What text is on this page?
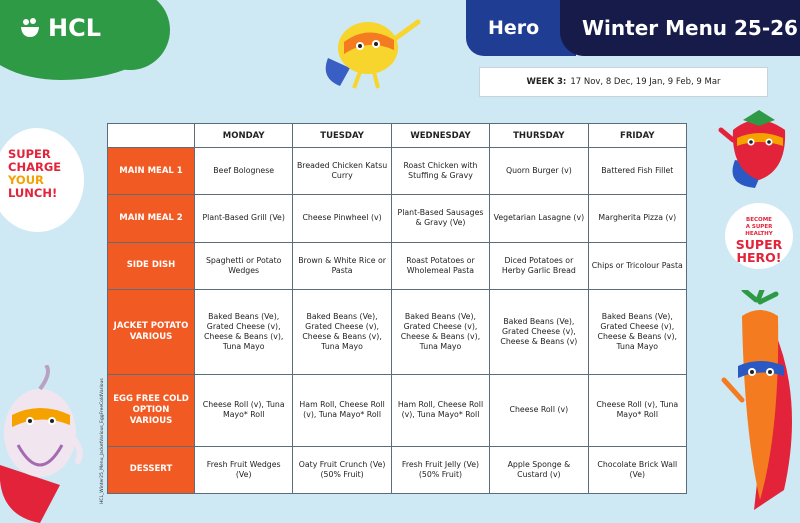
HCL	Hero	Winter Menu 25-26
WEEK 3: 17 Nov, 8 Dec, 19 Jan, 9 Feb, 9 Mar
SUPER
CHARGE
YOUR
LUNCH!
BECOME
A SUPER
HEALTHY
SUPER
HERO!
	MONDAY	TUESDAY	WEDNESDAY	THURSDAY	FRIDAY
MAIN MEAL 1	Beef Bolognese	Breaded Chicken Katsu Curry	Roast Chicken with Stuffing & Gravy	Quorn Burger (v)	Battered Fish Fillet
MAIN MEAL 2	Plant-Based Grill (Ve)	Cheese Pinwheel (v)	Plant-Based Sausages & Gravy (Ve)	Vegetarian Lasagne (v)	Margherita Pizza (v)
SIDE DISH	Spaghetti or Potato Wedges	Brown & White Rice or Pasta	Roast Potatoes or Wholemeal Pasta	Diced Potatoes or Herby Garlic Bread	Chips or Tricolour Pasta
JACKET POTATO VARIOUS	Baked Beans (Ve), Grated Cheese (v), Cheese & Beans (v), Tuna Mayo	Baked Beans (Ve), Grated Cheese (v), Cheese & Beans (v), Tuna Mayo	Baked Beans (Ve), Grated Cheese (v), Cheese & Beans (v), Tuna Mayo	Baked Beans (Ve), Grated Cheese (v), Cheese & Beans (v)	Baked Beans (Ve), Grated Cheese (v), Cheese & Beans (v), Tuna Mayo
EGG FREE COLD OPTION VARIOUS	Cheese Roll (v), Tuna Mayo* Roll	Ham Roll, Cheese Roll (v), Tuna Mayo* Roll	Ham Roll, Cheese Roll (v), Tuna Mayo* Roll	Cheese Roll (v)	Cheese Roll (v), Tuna Mayo* Roll
DESSERT	Fresh Fruit Wedges (Ve)	Oaty Fruit Crunch (Ve) (50% Fruit)	Fresh Fruit Jelly (Ve) (50% Fruit)	Apple Sponge & Custard (v)	Chocolate Brick Wall (Ve)
HCL_Winter25_Menu_JacketVarious_EggFreeColdVarious
